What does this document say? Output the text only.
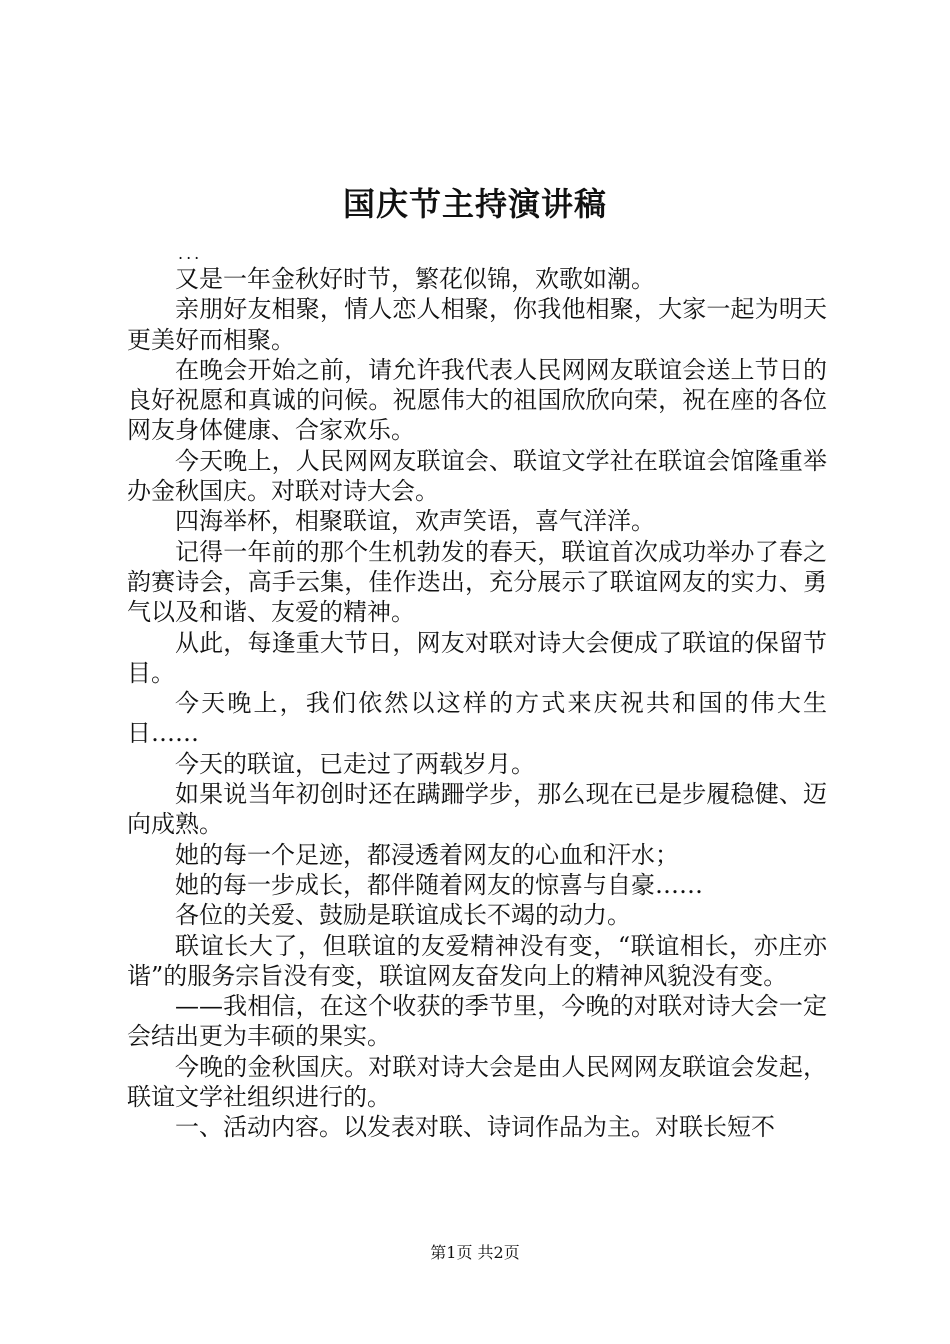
国庆节主持演讲稿
...

又是一年金秋好时节，繁花似锦，欢歌如潮。

亲朋好友相聚，情人恋人相聚，你我他相聚，大家一起为明天更美好而相聚。

在晚会开始之前，请允许我代表人民网网友联谊会送上节日的良好祝愿和真诚的问候。祝愿伟大的祖国欣欣向荣，祝在座的各位网友身体健康、合家欢乐。

今天晚上，人民网网友联谊会、联谊文学社在联谊会馆隆重举办金秋国庆。对联对诗大会。

四海举杯，相聚联谊，欢声笑语，喜气洋洋。

记得一年前的那个生机勃发的春天，联谊首次成功举办了春之韵赛诗会，高手云集，佳作迭出，充分展示了联谊网友的实力、勇气以及和谐、友爱的精神。

从此，每逢重大节日，网友对联对诗大会便成了联谊的保留节目。

今天晚上，我们依然以这样的方式来庆祝共和国的伟大生日……

今天的联谊，已走过了两载岁月。

如果说当年初创时还在蹒跚学步，那么现在已是步履稳健、迈向成熟。

她的每一个足迹，都浸透着网友的心血和汗水；

她的每一步成长，都伴随着网友的惊喜与自豪……

各位的关爱、鼓励是联谊成长不竭的动力。

联谊长大了，但联谊的友爱精神没有变，“联谊相长，亦庄亦谐”的服务宗旨没有变，联谊网友奋发向上的精神风貌没有变。

——我相信，在这个收获的季节里，今晚的对联对诗大会一定会结出更为丰硕的果实。

今晚的金秋国庆。对联对诗大会是由人民网网友联谊会发起，联谊文学社组织进行的。

一、活动内容。以发表对联、诗词作品为主。对联长短不

第1页 共2页
